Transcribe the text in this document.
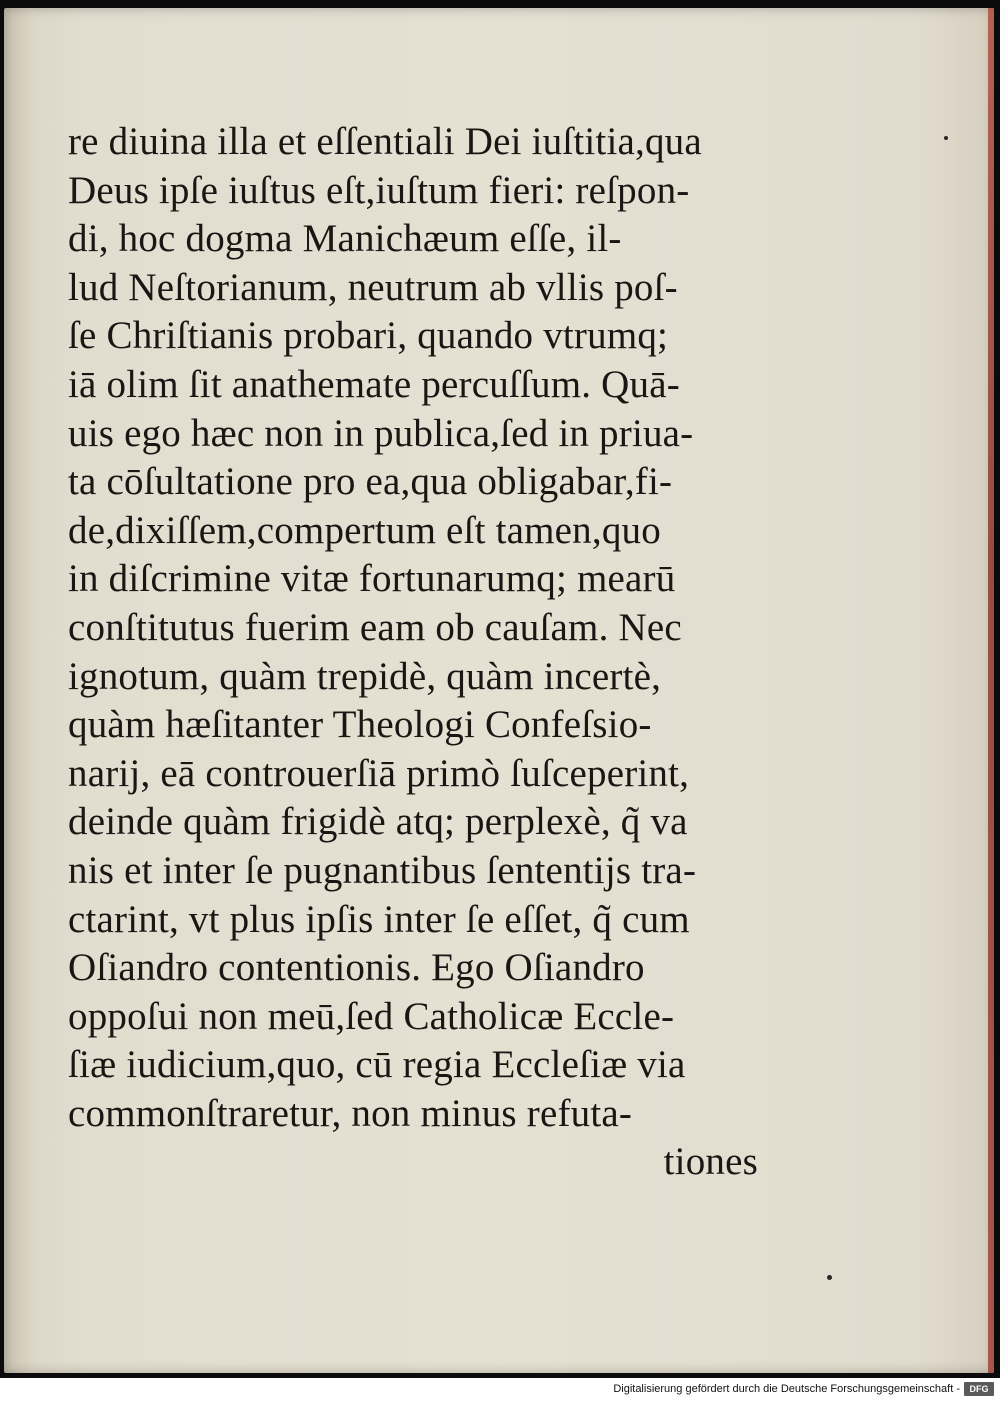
re diuina illa et eſſentiali Dei iuſtitia,qua
Deus ipſe iuſtus eſt,iuſtum fieri: reſpon-
di, hoc dogma Manichæum eſſe, il-
lud Neſtorianum, neutrum ab vllis poſ-
ſe Chriſtianis probari, quando vtrumq;
iā olim ſit anathemate percuſſum. Quā-
uis ego hæc non in publica,ſed in priua-
ta cōſultatione pro ea,qua obligabar,fi-
de,dixiſſem,compertum eſt tamen,quo
in diſcrimine vitæ fortunarumq; mearū
conſtitutus fuerim eam ob cauſam. Nec
ignotum, quàm trepidè, quàm incertè,
quàm hæſitanter Theologi Confeſsio-
narij, eā controuerſiā primò ſuſceperint,
deinde quàm frigidè atq; perplexè, q̃ va
nis et inter ſe pugnantibus ſententijs tra-
ctarint, vt plus ipſis inter ſe eſſet, q̃ cum
Oſiandro contentionis. Ego Oſiandro
oppoſui non meū,ſed Catholicæ Eccle-
ſiæ iudicium,quo, cū regia Eccleſiæ via
commonſtraretur, non minus refuta-
tiones
Digitalisierung gefördert durch die Deutsche Forschungsgemeinschaft -	DFG
